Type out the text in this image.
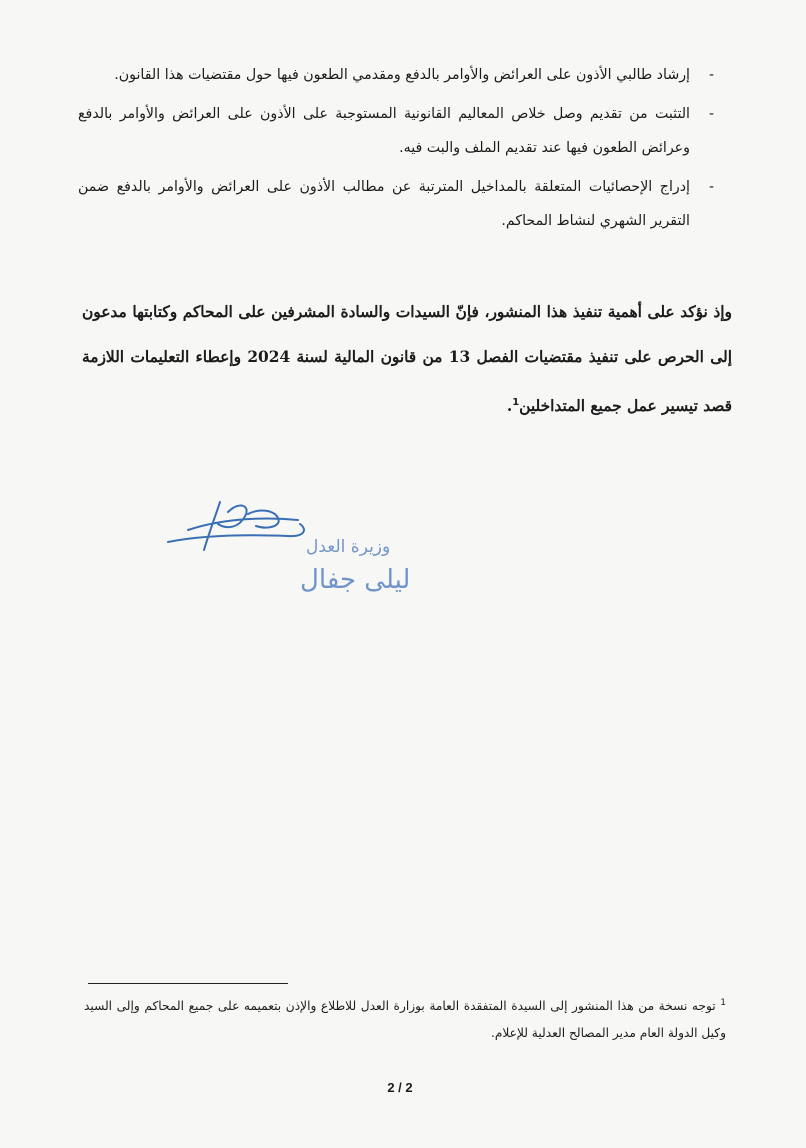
-
إرشاد طالبي الأذون على العرائض والأوامر بالدفع ومقدمي الطعون فيها حول مقتضيات هذا القانون.
-
التثبت من تقديم وصل خلاص المعاليم القانونية المستوجبة على الأذون على العرائض والأوامر بالدفع وعرائض الطعون فيها عند تقديم الملف والبت فيه.
-
إدراج الإحصائيات المتعلقة بالمداخيل المترتبة عن مطالب الأذون على العرائض والأوامر بالدفع ضمن التقرير الشهري لنشاط المحاكم.
وإذ نؤكد على أهمية تنفيذ هذا المنشور، فإنّ السيدات والسادة المشرفين على المحاكم وكتابتها مدعون إلى الحرص على تنفيذ مقتضيات الفصل 13 من قانون المالية لسنة 2024 وإعطاء التعليمات اللازمة قصد تيسير عمل جميع المتداخلين$^1$.
وزيرة العدل
ليلى جفال
$^1$ توجه نسخة من هذا المنشور إلى السيدة المتفقدة العامة بوزارة العدل للاطلاع والإذن بتعميمه على جميع المحاكم وإلى السيد وكيل الدولة العام مدير المصالح العدلية للإعلام.
2 / 2
